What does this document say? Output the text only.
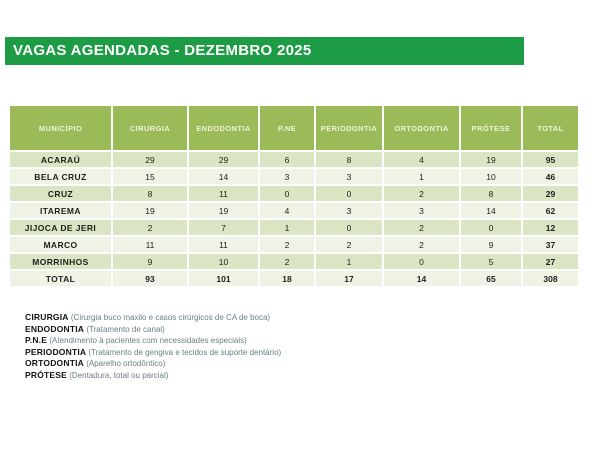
VAGAS AGENDADAS - DEZEMBRO 2025
MUNICÍPIO	CIRURGIA	ENDODONTIA	P.NE	PERIODONTIA	ORTODONTIA	PRÓTESE	TOTAL
ACARAÚ	29	29	6	8	4	19	95
BELA CRUZ	15	14	3	3	1	10	46
CRUZ	8	11	0	0	2	8	29
ITAREMA	19	19	4	3	3	14	62
JIJOCA DE JERI	2	7	1	0	2	0	12
MARCO	11	11	2	2	2	9	37
MORRINHOS	9	10	2	1	0	5	27
TOTAL	93	101	18	17	14	65	308
CIRURGIA (Cirurgia buco maxilo e casos cirúrgicos de CA de boca)
ENDODONTIA (Tratamento de canal)
P.N.E (Atendimento à pacientes com necessidades especiais)
PERIODONTIA (Tratamento de gengiva e tecidos de suporte dentário)
ORTODONTIA (Aparelho ortodôntico)
PRÓTESE (Dentadura, total ou parcial)
